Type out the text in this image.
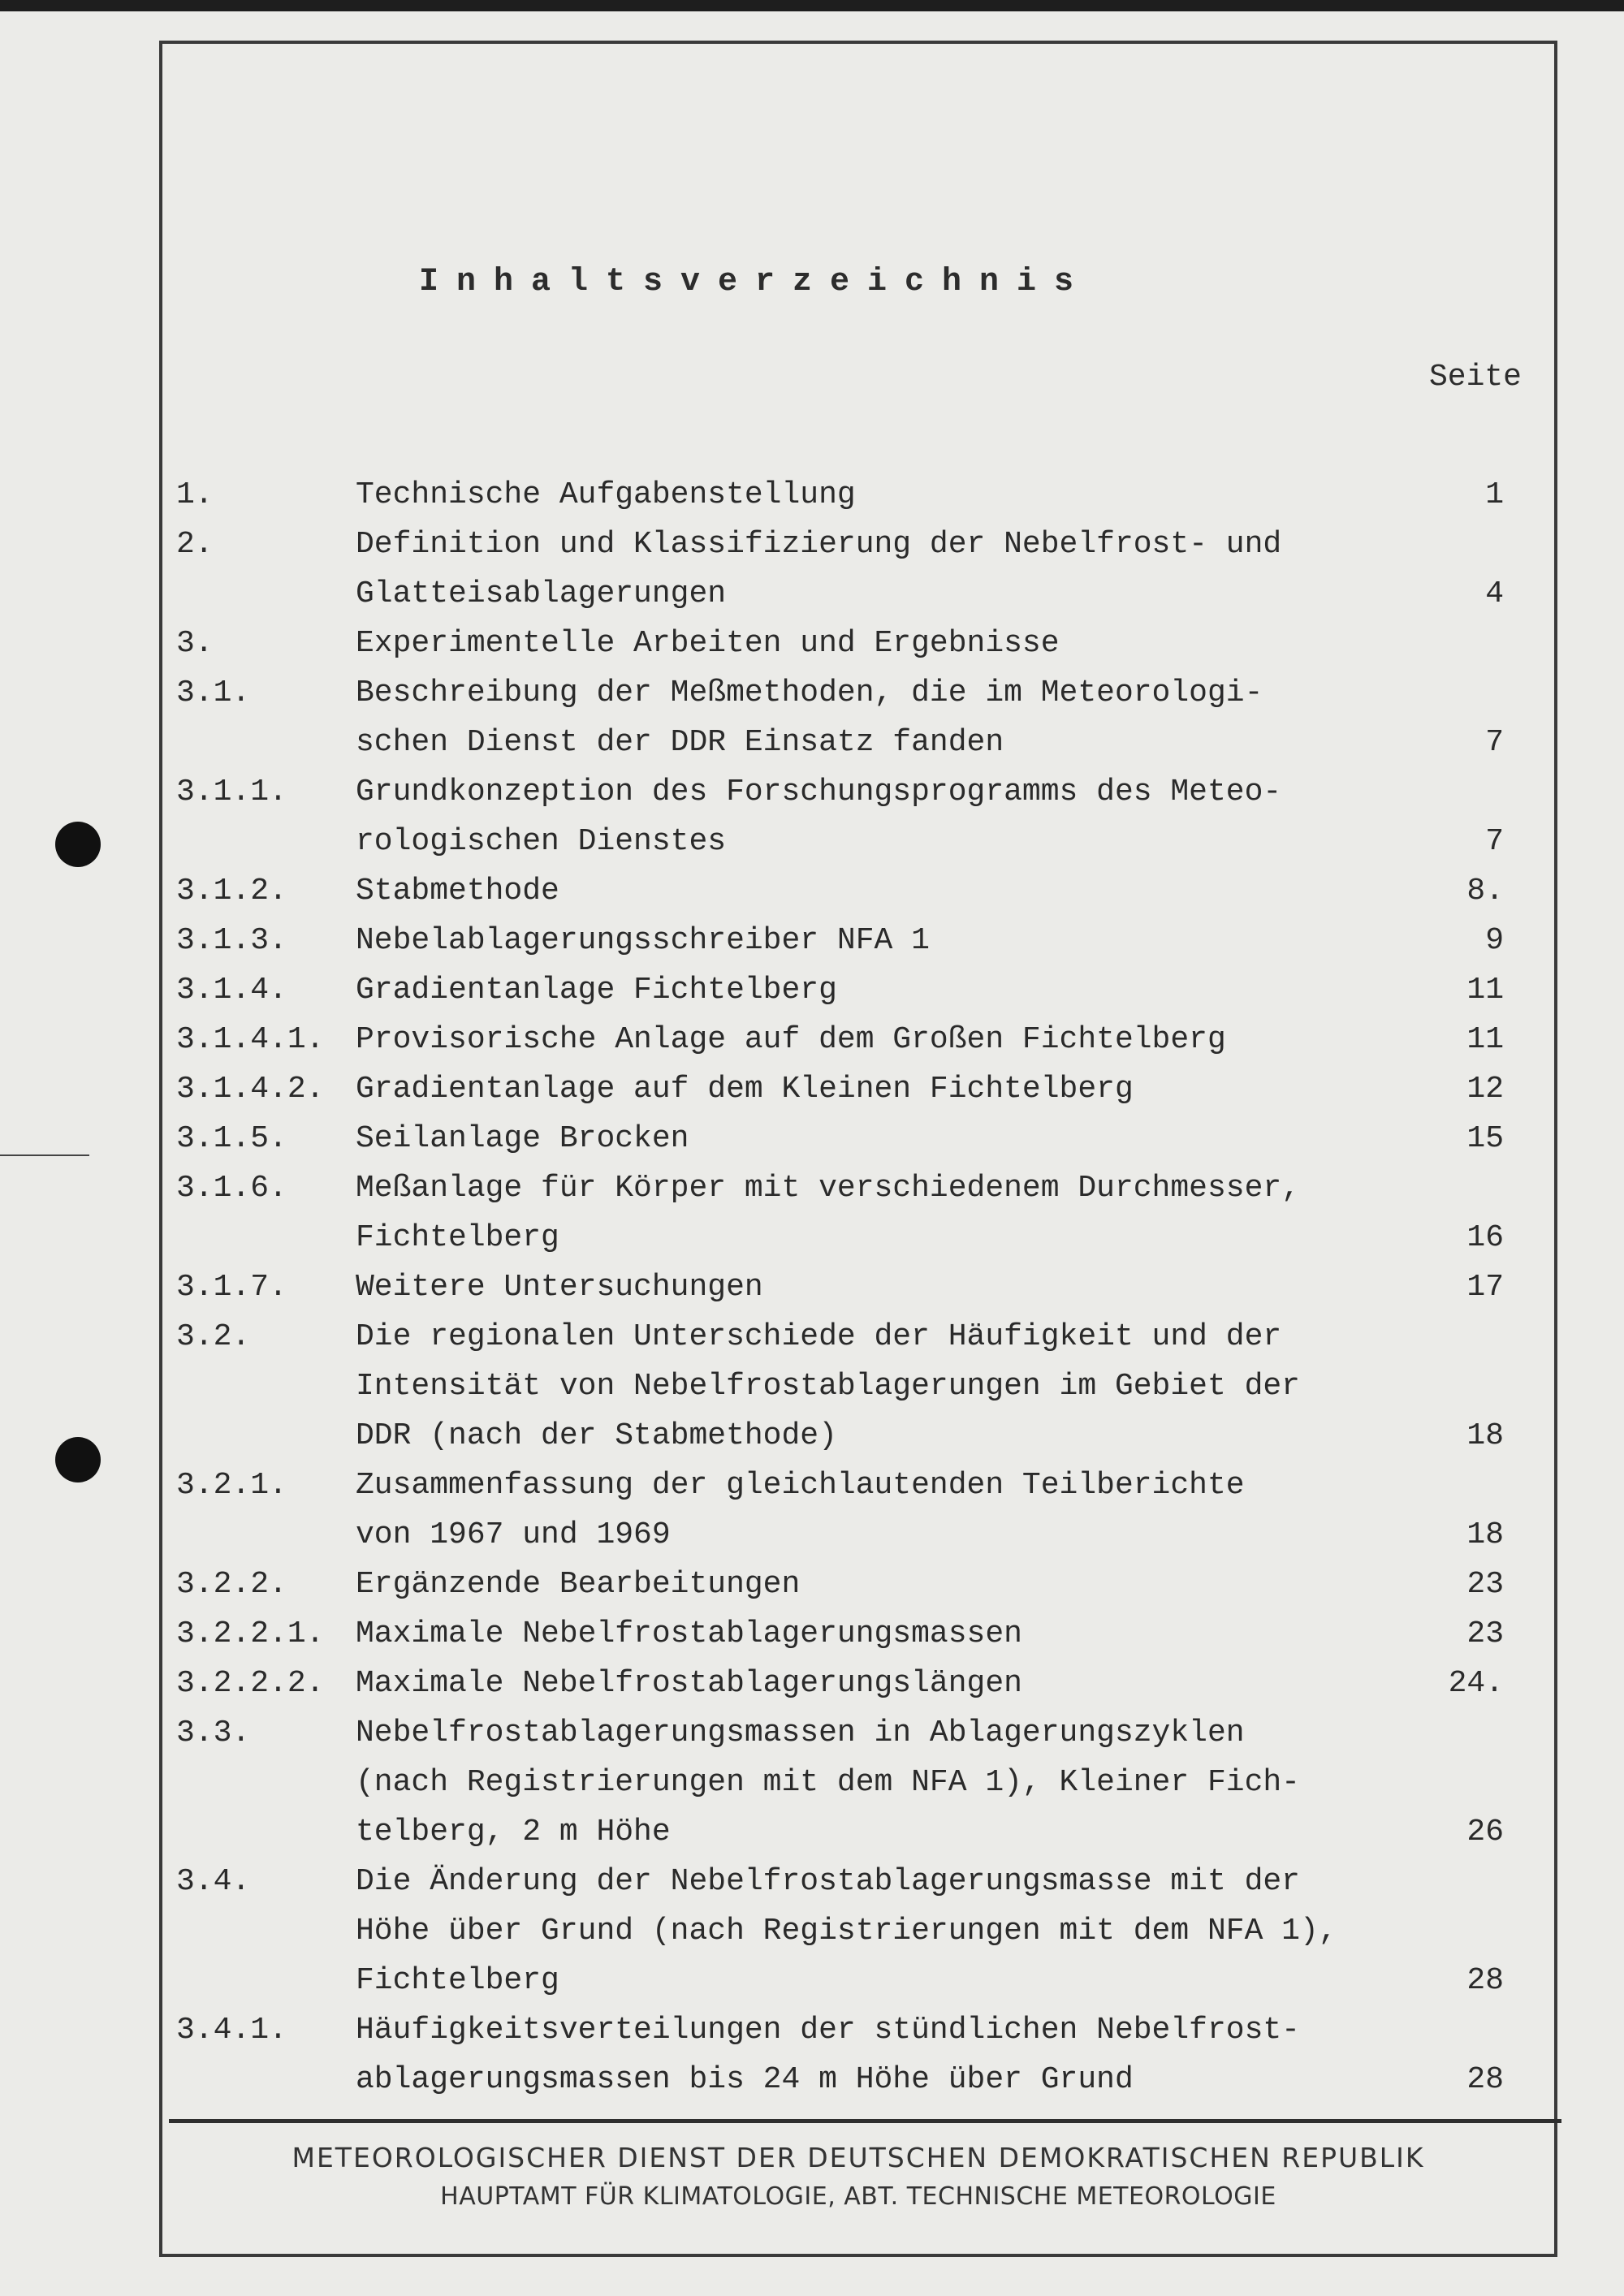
Inhaltsverzeichnis
Seite
1.	Technische Aufgabenstellung	1
2.	Definition und Klassifizierung der Nebelfrost- und
Glatteisablagerungen	4
3.	Experimentelle Arbeiten und Ergebnisse
3.1.	Beschreibung der Meßmethoden, die im Meteorologi-
schen Dienst der DDR Einsatz fanden	7
3.1.1. Grundkonzeption des Forschungsprogramms des Meteo-
rologischen Dienstes	7
3.1.2. Stabmethode	8.
3.1.3. Nebelablagerungsschreiber NFA 1	9
3.1.4. Gradientanlage Fichtelberg	11
3.1.4.1. Provisorische Anlage auf dem Großen Fichtelberg	11
3.1.4.2. Gradientanlage auf dem Kleinen Fichtelberg	12
3.1.5. Seilanlage Brocken	15
3.1.6. Meßanlage für Körper mit verschiedenem Durchmesser,
Fichtelberg	16
3.1.7. Weitere Untersuchungen	17
3.2.	Die regionalen Unterschiede der Häufigkeit und der
Intensität von Nebelfrostablagerungen im Gebiet der
DDR (nach der Stabmethode)	18
3.2.1. Zusammenfassung der gleichlautenden Teilberichte
von 1967 und 1969	18
3.2.2. Ergänzende Bearbeitungen	23
3.2.2.1. Maximale Nebelfrostablagerungsmassen	23
3.2.2.2. Maximale Nebelfrostablagerungslängen	24.
3.3.	Nebelfrostablagerungsmassen in Ablagerungszyklen
(nach Registrierungen mit dem NFA 1), Kleiner Fich-
telberg, 2 m Höhe	26
3.4.	Die Änderung der Nebelfrostablagerungsmasse mit der
Höhe über Grund (nach Registrierungen mit dem NFA 1),
Fichtelberg	28
3.4.1. Häufigkeitsverteilungen der stündlichen Nebelfrost-
ablagerungsmassen bis 24 m Höhe über Grund	28
METEOROLOGISCHER DIENST DER DEUTSCHEN DEMOKRATISCHEN REPUBLIK
HAUPTAMT FÜR KLIMATOLOGIE, ABT. TECHNISCHE METEOROLOGIE
